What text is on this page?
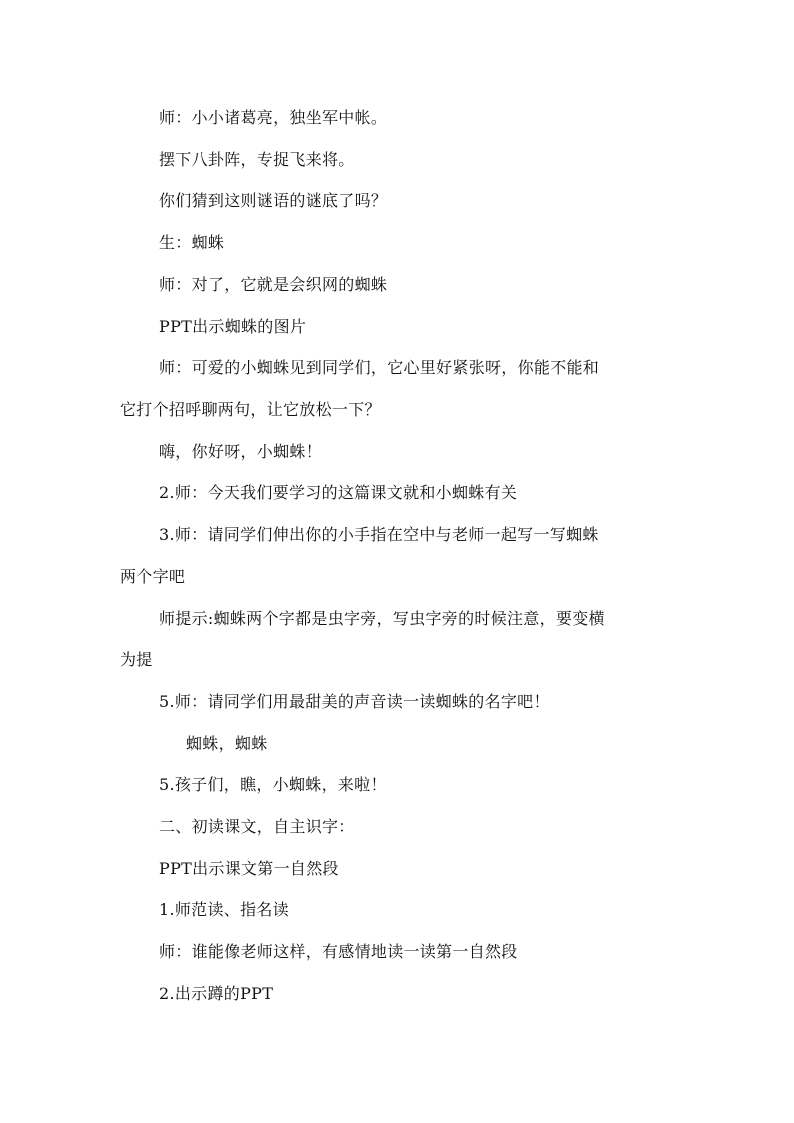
师：小小诸葛亮，独坐军中帐。
摆下八卦阵，专捉飞来将。
你们猜到这则谜语的谜底了吗？
生：蜘蛛
师：对了，它就是会织网的蜘蛛
PPT出示蜘蛛的图片
师：可爱的小蜘蛛见到同学们，它心里好紧张呀，你能不能和
它打个招呼聊两句，让它放松一下？
嗨，你好呀，小蜘蛛！
2.师：今天我们要学习的这篇课文就和小蜘蛛有关
3.师：请同学们伸出你的小手指在空中与老师一起写一写蜘蛛
两个字吧
师提示:蜘蛛两个字都是虫字旁，写虫字旁的时候注意，要变横
为提
5.师：请同学们用最甜美的声音读一读蜘蛛的名字吧！
蜘蛛，蜘蛛
5.孩子们，瞧，小蜘蛛，来啦！
二、初读课文，自主识字：
PPT出示课文第一自然段
1.师范读、指名读
师：谁能像老师这样，有感情地读一读第一自然段
2.出示蹲的PPT
